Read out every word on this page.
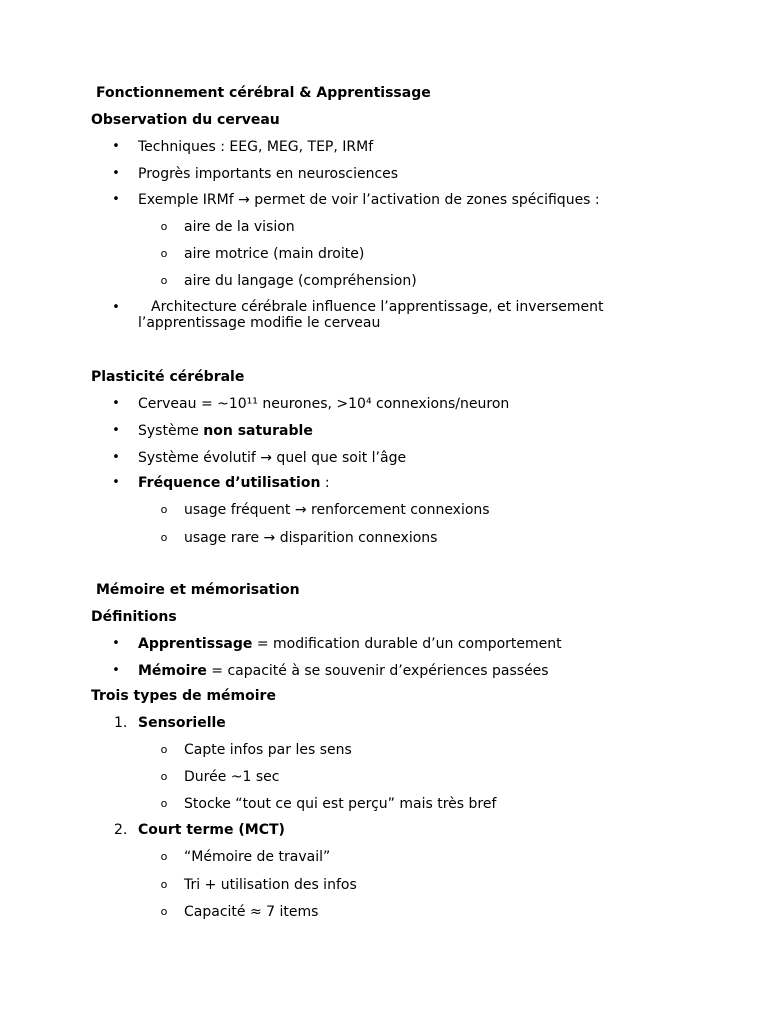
Fonctionnement cérébral & Apprentissage
Observation du cerveau
• Techniques : EEG, MEG, TEP, IRMf
• Progrès importants en neurosciences
• Exemple IRMf → permet de voir l’activation de zones spécifiques :
o aire de la vision
o aire motrice (main droite)
o aire du langage (compréhension)
•	Architecture cérébrale influence l’apprentissage, et inversement l’apprentissage modifie le cerveau
Plasticité cérébrale
• Cerveau = ~10¹¹ neurones, >10⁴ connexions/neuron
• Système non saturable
• Système évolutif → quel que soit l’âge
• Fréquence d’utilisation :
o usage fréquent → renforcement connexions
o usage rare → disparition connexions
Mémoire et mémorisation
Définitions
• Apprentissage = modification durable d’un comportement
• Mémoire = capacité à se souvenir d’expériences passées
Trois types de mémoire
1. Sensorielle
o Capte infos par les sens
o Durée ~1 sec
o Stocke “tout ce qui est perçu” mais très bref
2. Court terme (MCT)
o “Mémoire de travail”
o Tri + utilisation des infos
o Capacité ≈ 7 items
